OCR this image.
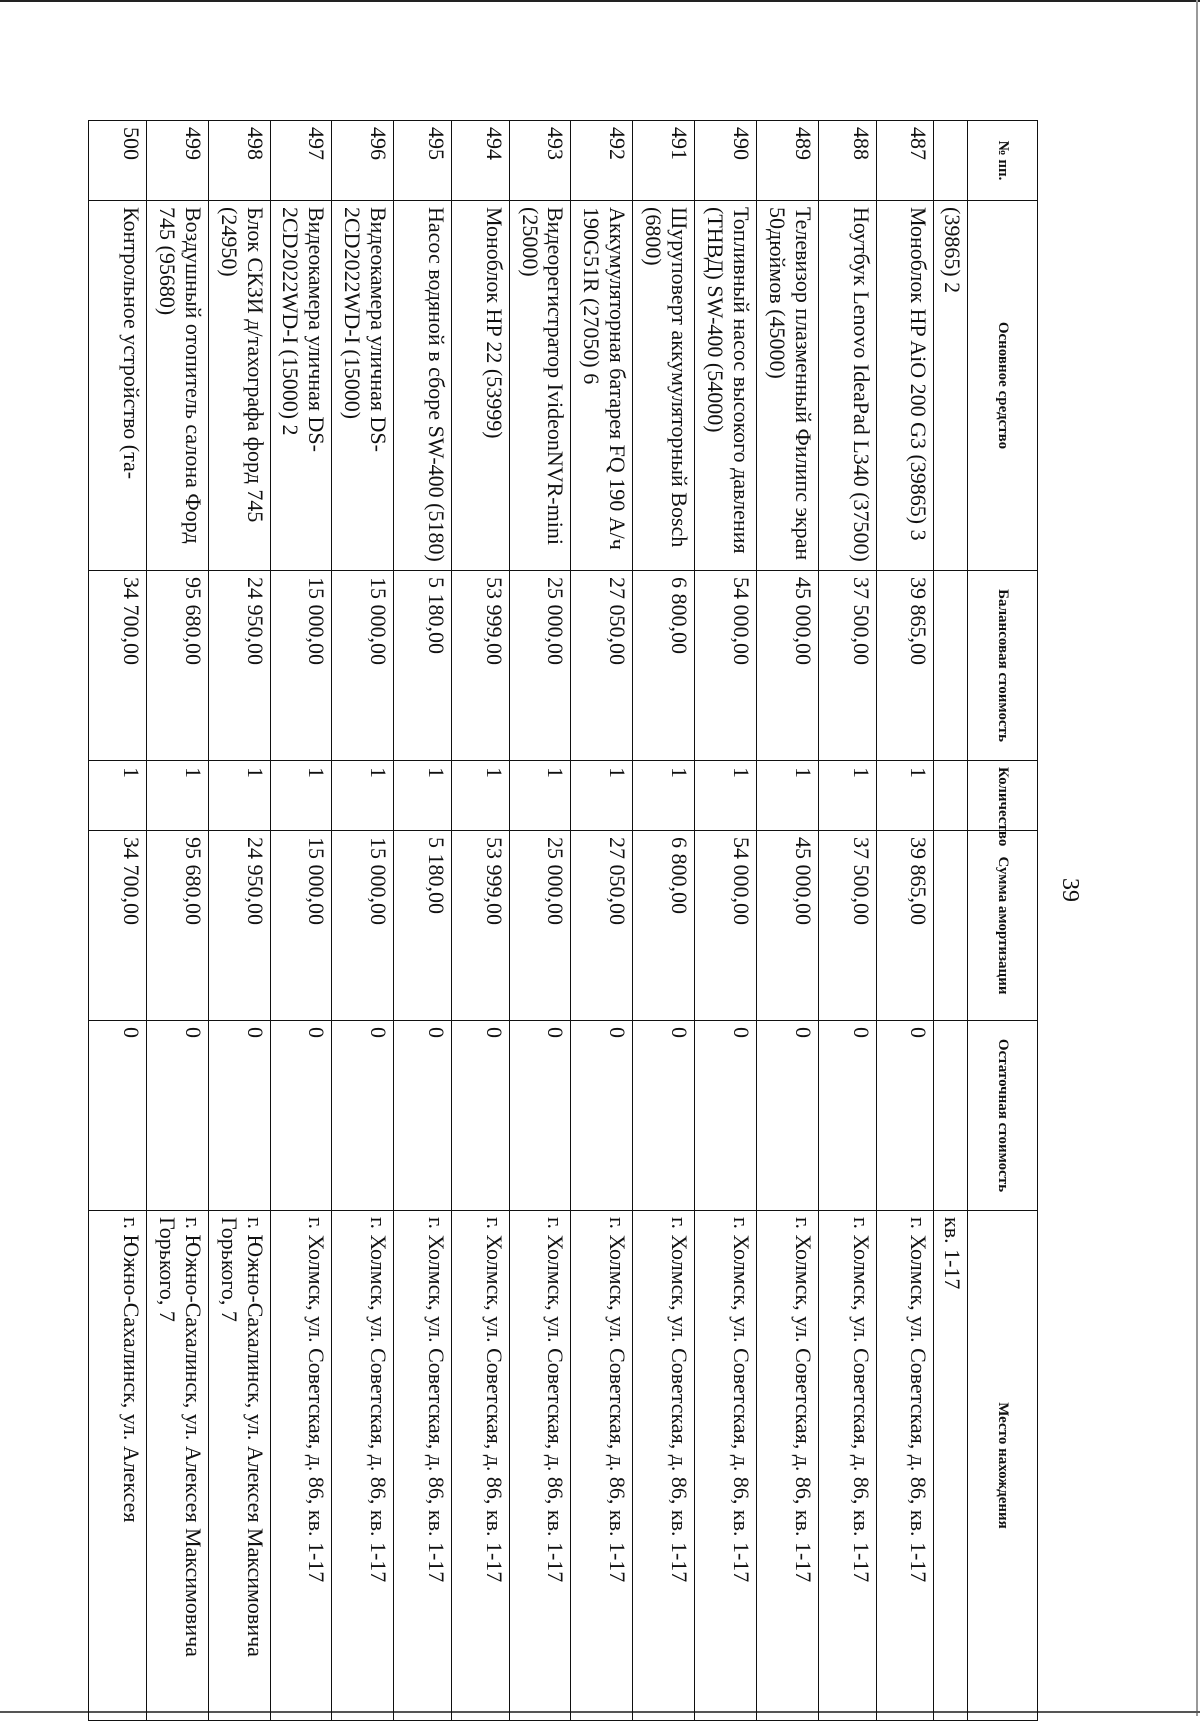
39
№ пп.	Основное средство	Балансовая стоимость	Количество	Сумма амортизации	Остаточная стоимость	Место нахождения
	(39865) 2					кв. 1-17
487	Моноблок HP AiO 200 G3 (39865) 3	39 865,00	1	39 865,00	0	г. Холмск, ул. Советская, д. 86, кв. 1-17
488	Ноутбук Lenovo IdeaPad L340 (37500)	37 500,00	1	37 500,00	0	г. Холмск, ул. Советская, д. 86, кв. 1-17
489	Телевизор плазменный Филипс экран 50дюймов (45000)	45 000,00	1	45 000,00	0	г. Холмск, ул. Советская, д. 86, кв. 1-17
490	Топливный насос высокого давления (ТНВД) SW-400 (54000)	54 000,00	1	54 000,00	0	г. Холмск, ул. Советская, д. 86, кв. 1-17
491	Шуруповерт аккумуляторный Bosch (6800)	6 800,00	1	6 800,00	0	г. Холмск, ул. Советская, д. 86, кв. 1-17
492	Аккумуляторная батарея FQ 190 А/ч 190G51R (27050) 6	27 050,00	1	27 050,00	0	г. Холмск, ул. Советская, д. 86, кв. 1-17
493	Видеорегистратор IvideonNVR-mini (25000)	25 000,00	1	25 000,00	0	г. Холмск, ул. Советская, д. 86, кв. 1-17
494	Моноблок HP 22 (53999)	53 999,00	1	53 999,00	0	г. Холмск, ул. Советская, д. 86, кв. 1-17
495	Насос водяной в сборе SW-400 (5180)	5 180,00	1	5 180,00	0	г. Холмск, ул. Советская, д. 86, кв. 1-17
496	Видеокамера уличная DS-2CD2022WD-I (15000)	15 000,00	1	15 000,00	0	г. Холмск, ул. Советская, д. 86, кв. 1-17
497	Видеокамера уличная DS-2CD2022WD-I (15000) 2	15 000,00	1	15 000,00	0	г. Холмск, ул. Советская, д. 86, кв. 1-17
498	Блок СКЗИ д/тахографа форд 745 (24950)	24 950,00	1	24 950,00	0	г. Южно-Сахалинск, ул. Алексея Максимовича Горького, 7
499	Воздушный отопитель салона Форд 745 (95680)	95 680,00	1	95 680,00	0	г. Южно-Сахалинск, ул. Алексея Максимовича Горького, 7
500	Контрольное устройство (та-	34 700,00	1	34 700,00	0	г. Южно-Сахалинск, ул. Алексея
